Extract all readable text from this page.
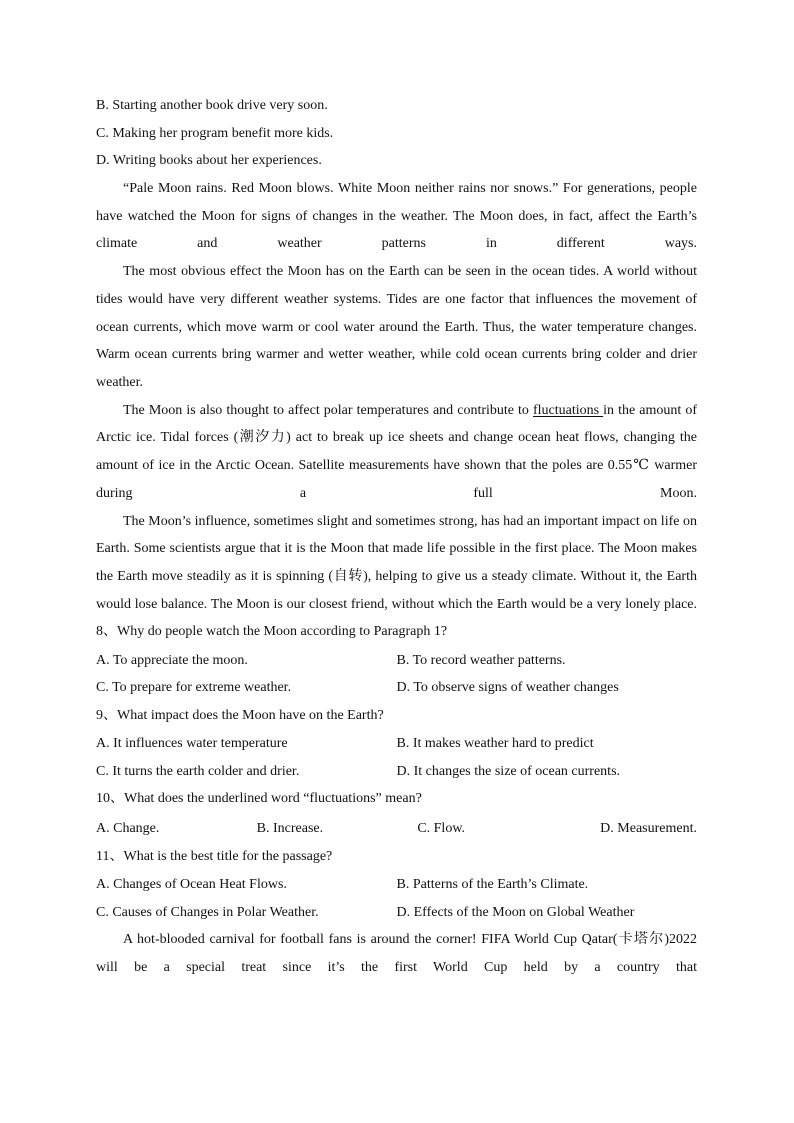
B. Starting another book drive very soon.
C. Making her program benefit more kids.
D. Writing books about her experiences.

“Pale Moon rains. Red Moon blows. White Moon neither rains nor snows.” For generations, people have watched the Moon for signs of changes in the weather. The Moon does, in fact, affect the Earth’s climate and weather patterns in different ways.

The most obvious effect the Moon has on the Earth can be seen in the ocean tides. A world without tides would have very different weather systems. Tides are one factor that influences the movement of ocean currents, which move warm or cool water around the Earth. Thus, the water temperature changes. Warm ocean currents bring warmer and wetter weather, while cold ocean currents bring colder and drier weather.

The Moon is also thought to affect polar temperatures and contribute to fluctuations in the amount of Arctic ice. Tidal forces (潮汐力) act to break up ice sheets and change ocean heat flows, changing the amount of ice in the Arctic Ocean. Satellite measurements have shown that the poles are 0.55℃ warmer during a full Moon.

The Moon’s influence, sometimes slight and sometimes strong, has had an important impact on life on Earth. Some scientists argue that it is the Moon that made life possible in the first place. The Moon makes the Earth move steadily as it is spinning (自转), helping to give us a steady climate. Without it, the Earth would lose balance. The Moon is our closest friend, without which the Earth would be a very lonely place.

8、Why do people watch the Moon according to Paragraph 1?
A. To appreciate the moon.	B. To record weather patterns.
C. To prepare for extreme weather.	D. To observe signs of weather changes
9、What impact does the Moon have on the Earth?
A. It influences water temperature	B. It makes weather hard to predict
C. It turns the earth colder and drier.	D. It changes the size of ocean currents.
10、What does the underlined word “fluctuations” mean?
A. Change.	B. Increase.	C. Flow.	D. Measurement.
11、What is the best title for the passage?
A. Changes of Ocean Heat Flows.	B. Patterns of the Earth’s Climate.
C. Causes of Changes in Polar Weather.	D. Effects of the Moon on Global Weather

A hot-blooded carnival for football fans is around the corner! FIFA World Cup Qatar(卡塔尔)2022 will be a special treat since it’s the first World Cup held by a country that
